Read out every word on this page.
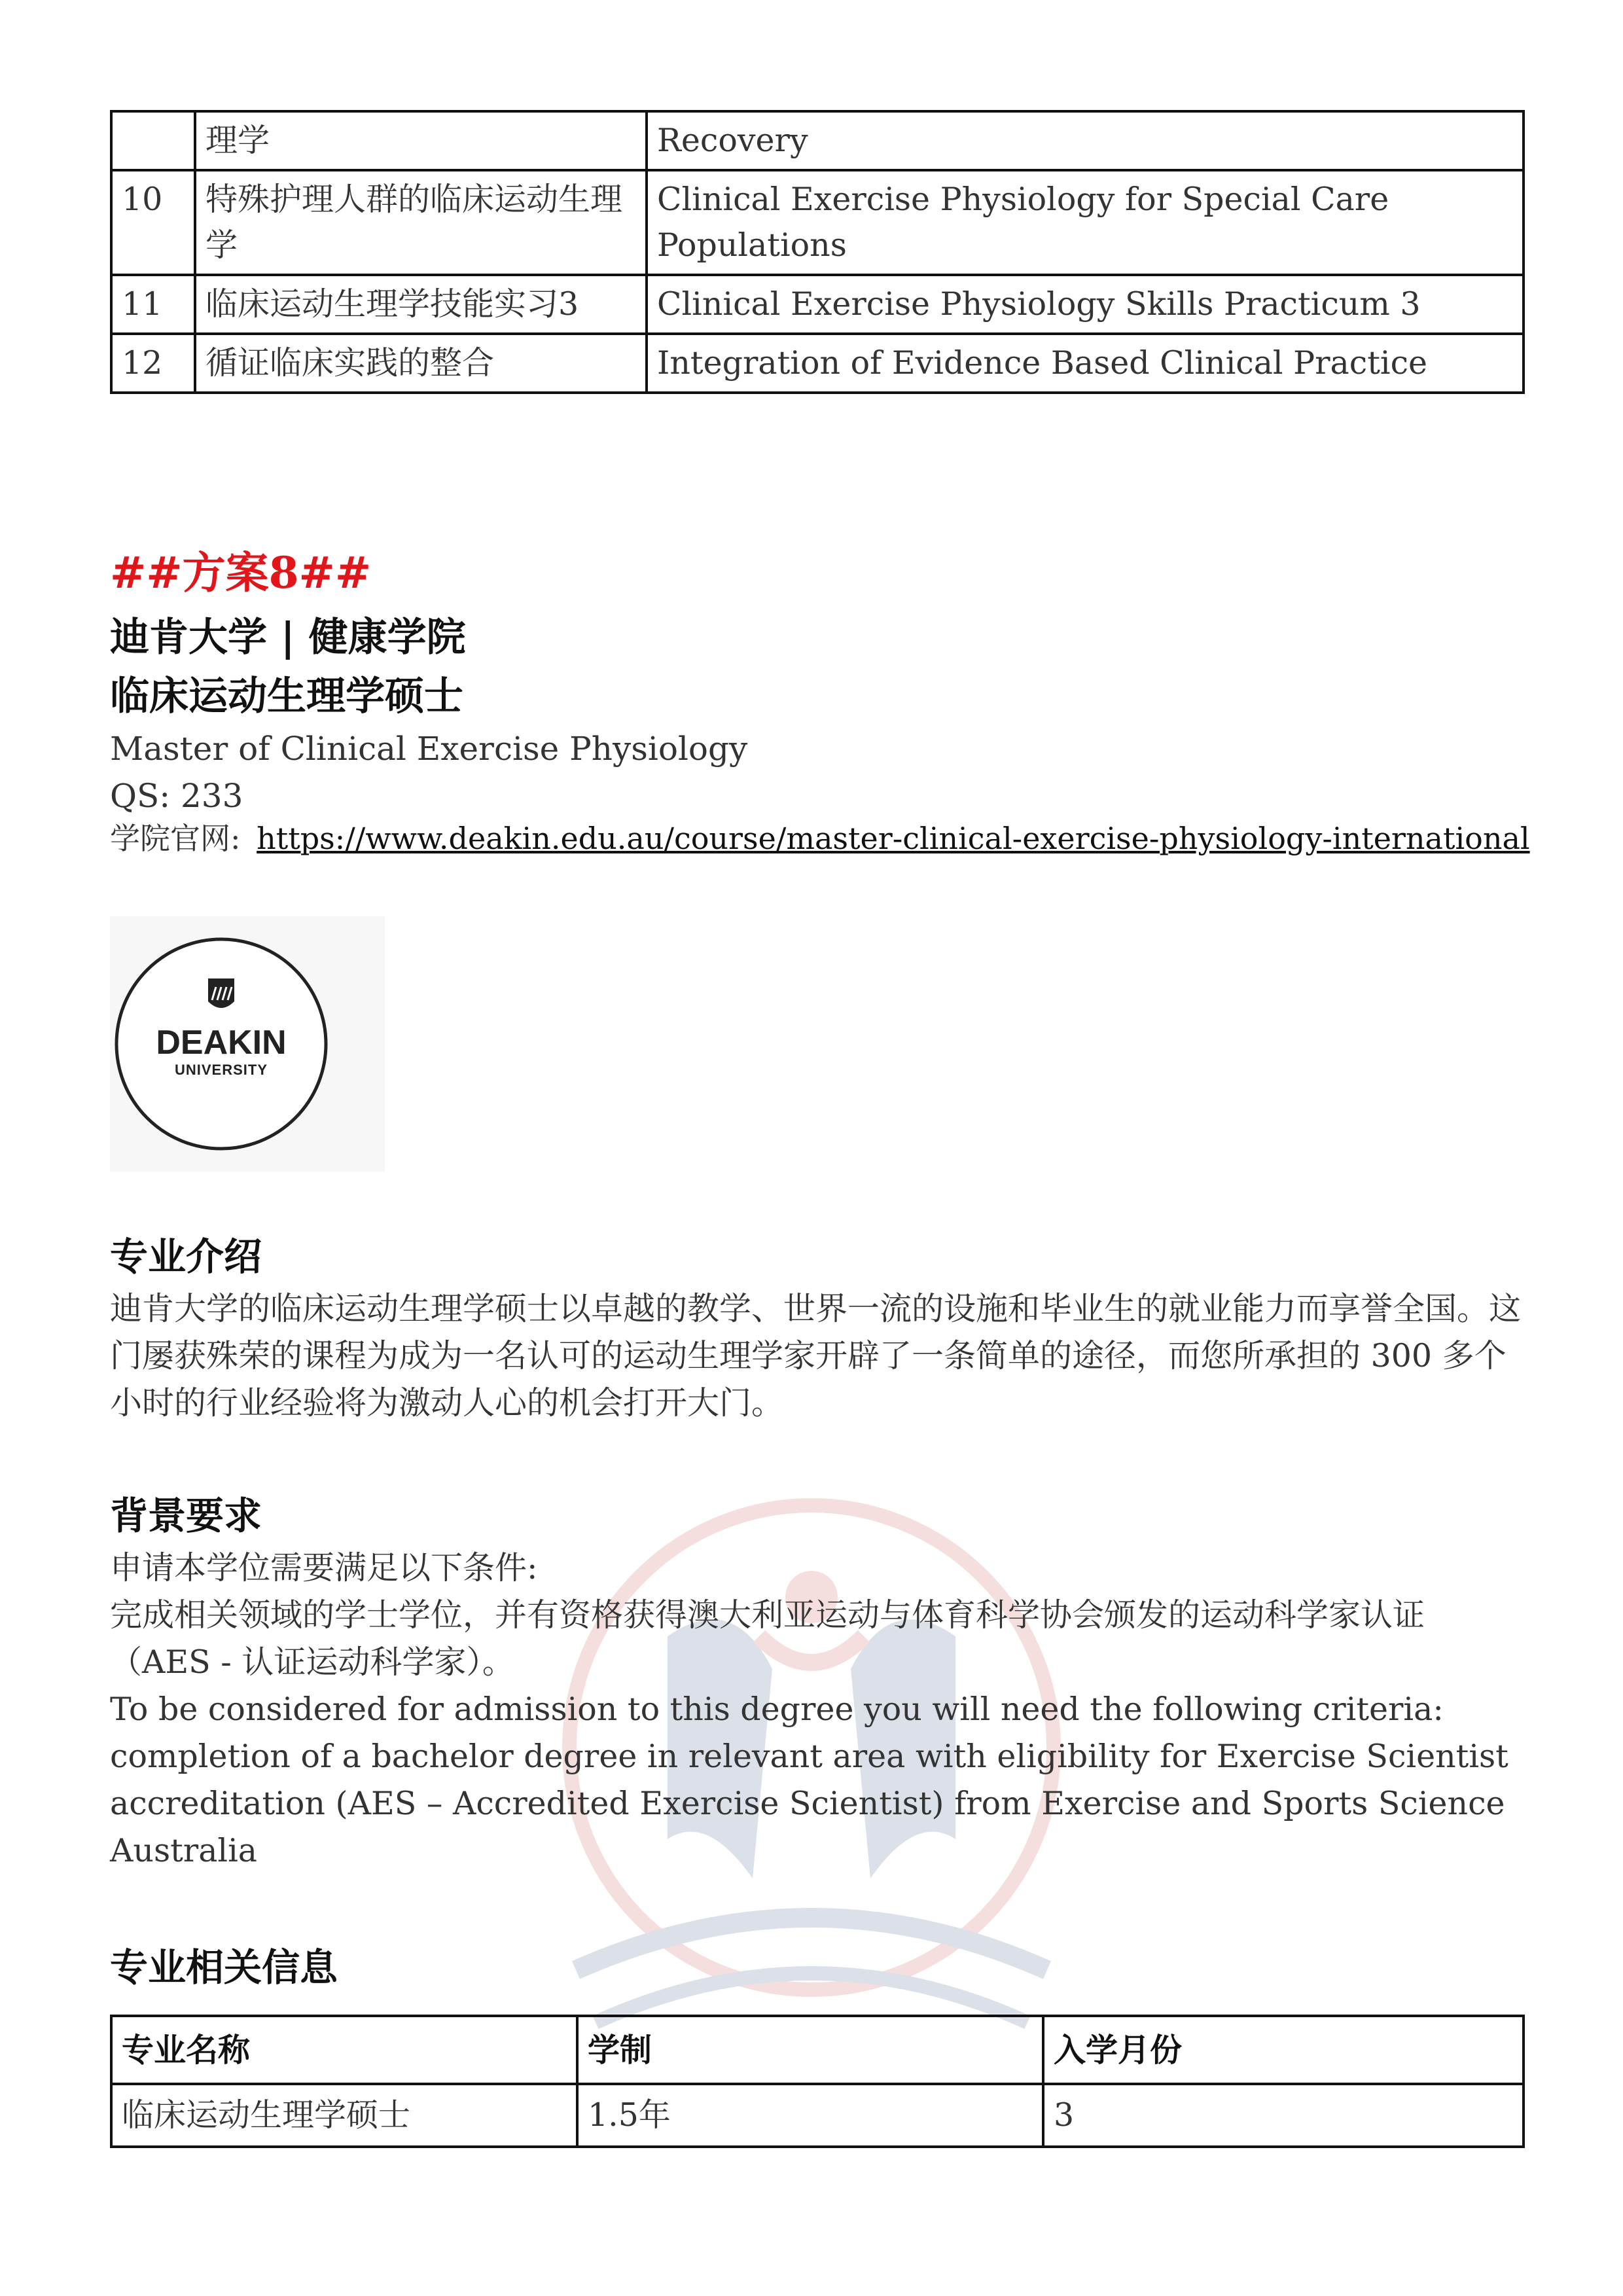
	理学	Recovery
10	特殊护理人群的临床运动生理学	Clinical Exercise Physiology for Special Care Populations
11	临床运动生理学技能实习3	Clinical Exercise Physiology Skills Practicum 3
12	循证临床实践的整合	Integration of Evidence Based Clinical Practice
##方案8##
迪肯大学 | 健康学院
临床运动生理学硕士
Master of Clinical Exercise Physiology
QS: 233
学院官网: https://www.deakin.edu.au/course/master-clinical-exercise-physiology-international
DEAKIN
UNIVERSITY
专业介绍

迪肯大学的临床运动生理学硕士以卓越的教学、世界一流的设施和毕业生的就业能力而享誉全国。这门屡获殊荣的课程为成为一名认可的运动生理学家开辟了一条简单的途径，而您所承担的 300 多个小时的行业经验将为激动人心的机会打开大门。

背景要求

申请本学位需要满足以下条件:

完成相关领域的学士学位，并有资格获得澳大利亚运动与体育科学协会颁发的运动科学家认证（AES - 认证运动科学家）。

To be considered for admission to this degree you will need the following criteria: completion of a bachelor degree in relevant area with eligibility for Exercise Scientist accreditation (AES – Accredited Exercise Scientist) from Exercise and Sports Science Australia

专业相关信息
专业名称	学制	入学月份
临床运动生理学硕士	1.5年	3
